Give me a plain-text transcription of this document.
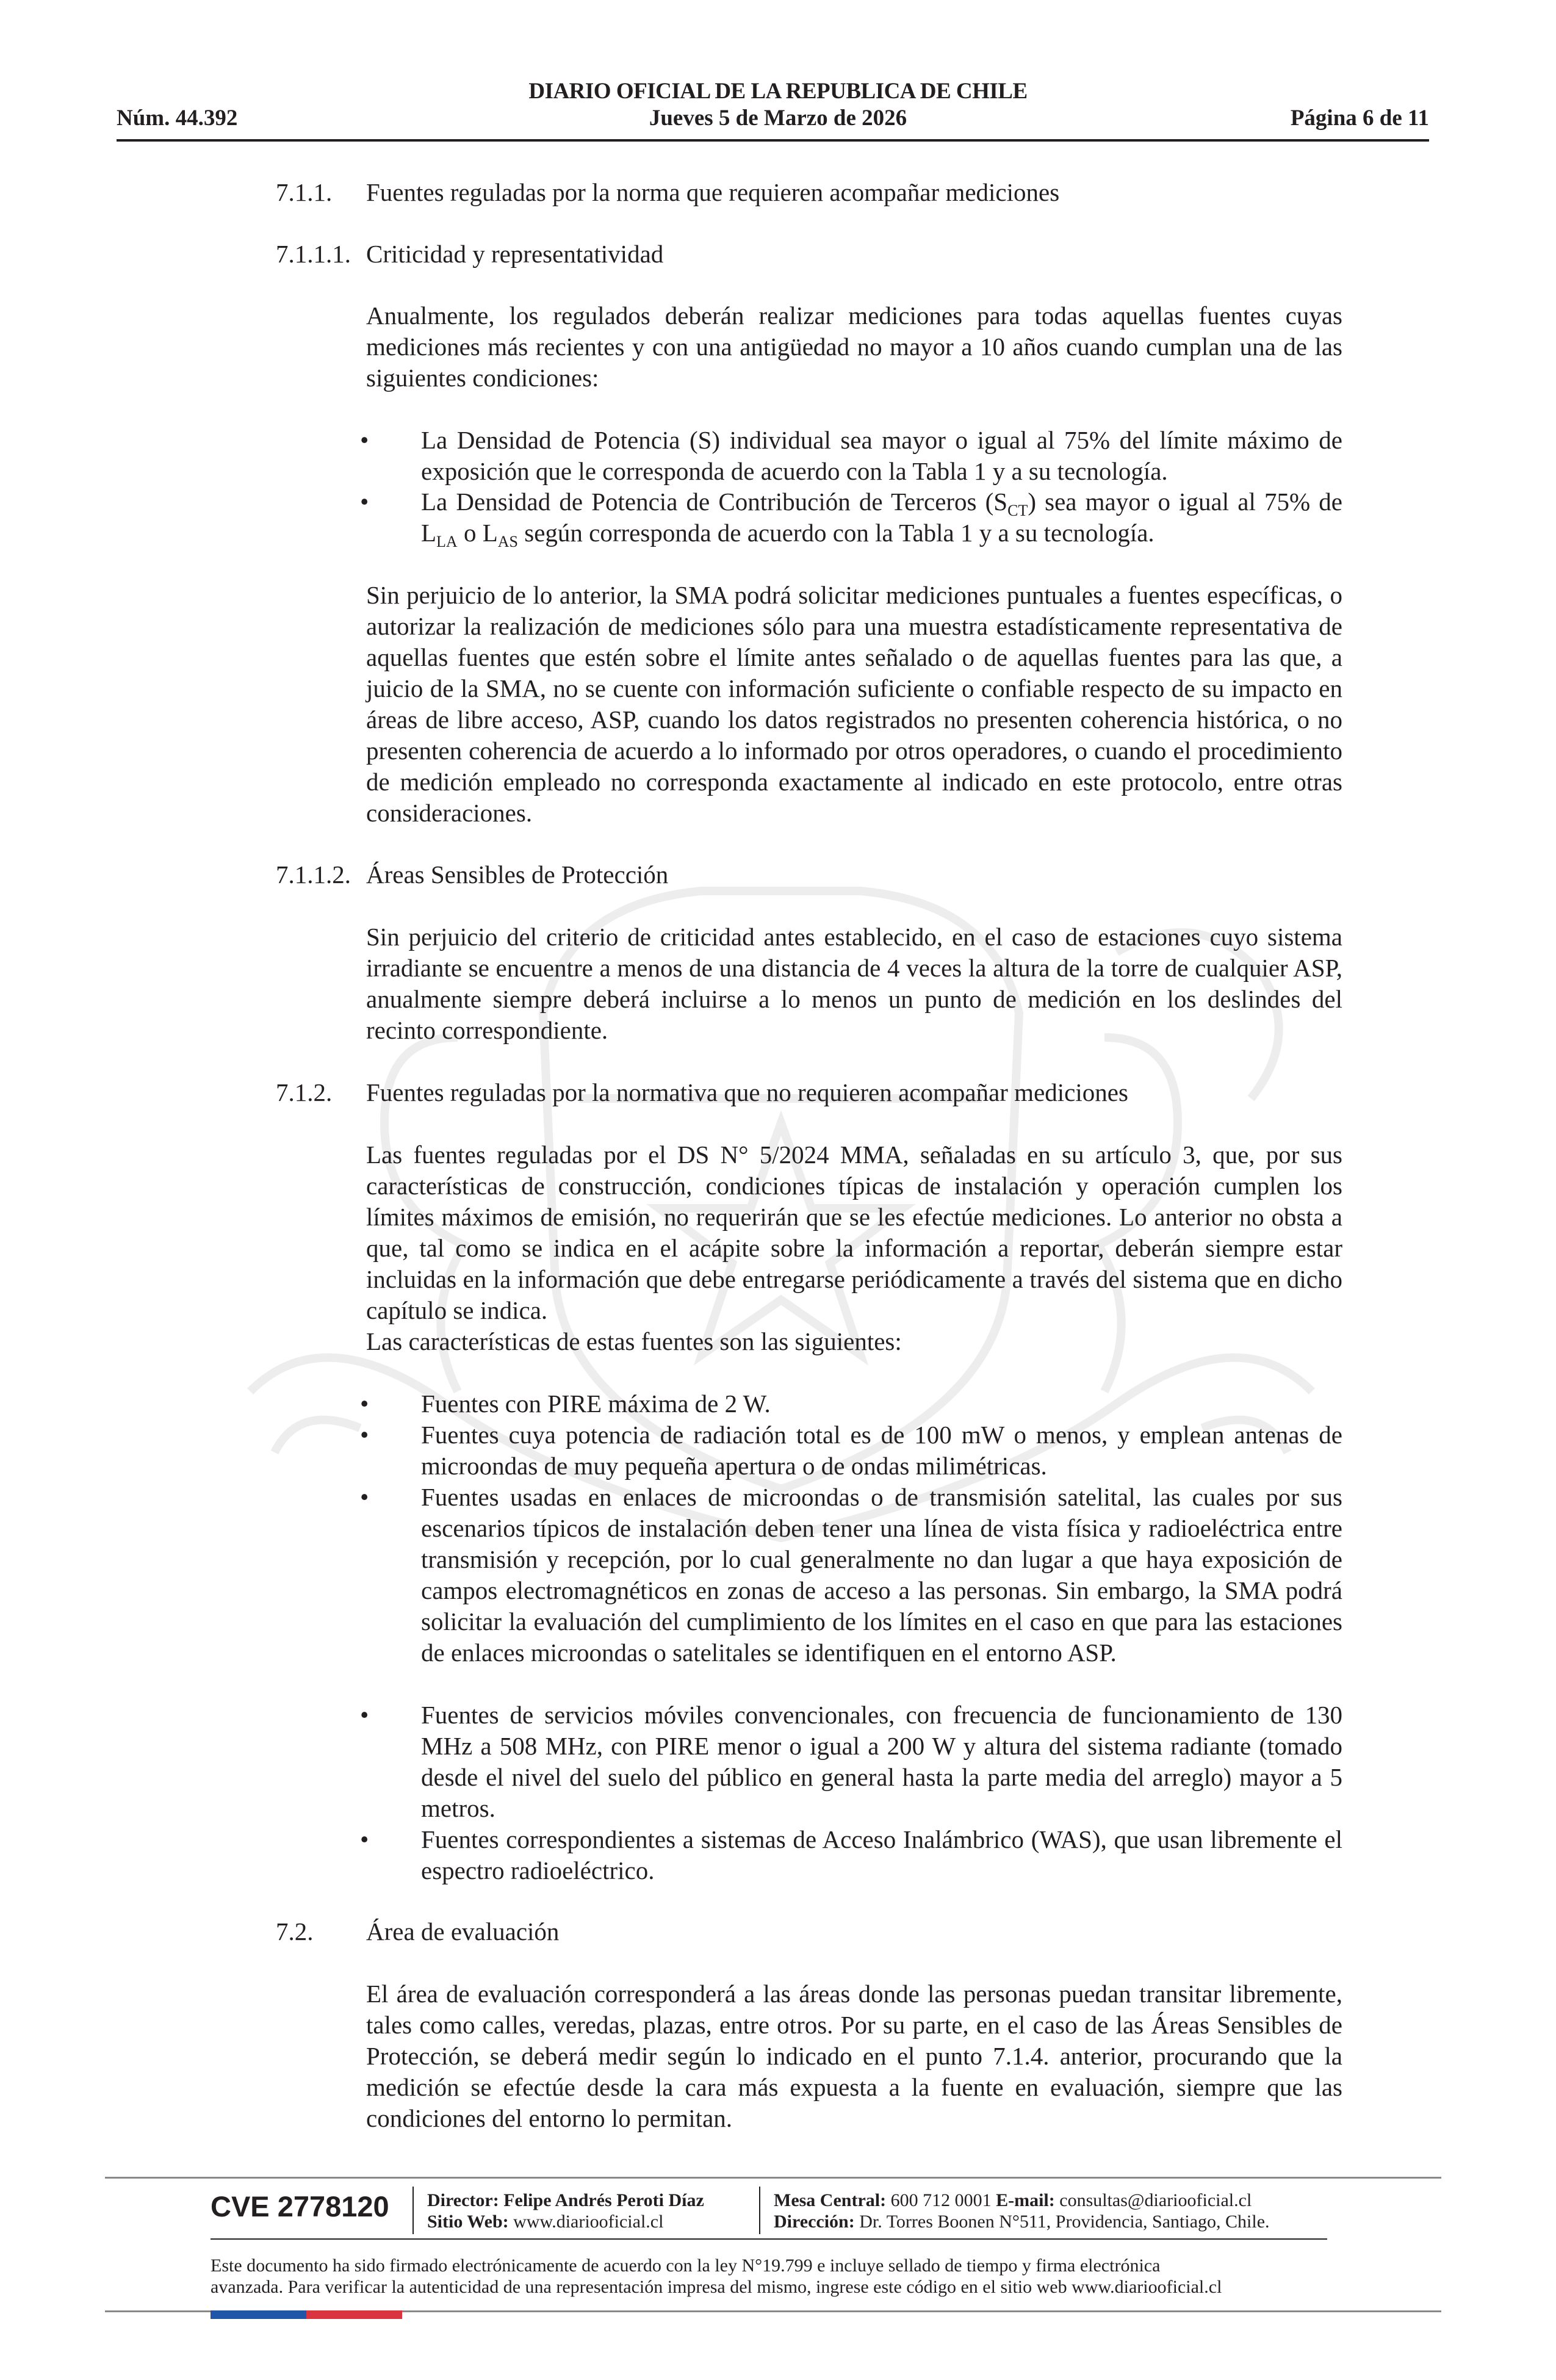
DIARIO OFICIAL DE LA REPUBLICA DE CHILE
Jueves 5 de Marzo de 2026
Núm. 44.392	Página 6 de 11
7.1.1. Fuentes reguladas por la norma que requieren acompañar mediciones
7.1.1.1. Criticidad y representatividad
Anualmente, los regulados deberán realizar mediciones para todas aquellas fuentes cuyas mediciones más recientes y con una antigüedad no mayor a 10 años cuando cumplan una de las siguientes condiciones:
• La Densidad de Potencia (S) individual sea mayor o igual al 75% del límite máximo de exposición que le corresponda de acuerdo con la Tabla 1 y a su tecnología.
• La Densidad de Potencia de Contribución de Terceros $(S_{CT})$ sea mayor o igual al 75% de $L_{LA}$ o $L_{AS}$ según corresponda de acuerdo con la Tabla 1 y a su tecnología.
Sin perjuicio de lo anterior, la SMA podrá solicitar mediciones puntuales a fuentes específicas, o autorizar la realización de mediciones sólo para una muestra estadísticamente representativa de aquellas fuentes que estén sobre el límite antes señalado o de aquellas fuentes para las que, a juicio de la SMA, no se cuente con información suficiente o confiable respecto de su impacto en áreas de libre acceso, ASP, cuando los datos registrados no presenten coherencia histórica, o no presenten coherencia de acuerdo a lo informado por otros operadores, o cuando el procedimiento de medición empleado no corresponda exactamente al indicado en este protocolo, entre otras consideraciones.
7.1.1.2. Áreas Sensibles de Protección
Sin perjuicio del criterio de criticidad antes establecido, en el caso de estaciones cuyo sistema irradiante se encuentre a menos de una distancia de 4 veces la altura de la torre de cualquier ASP, anualmente siempre deberá incluirse a lo menos un punto de medición en los deslindes del recinto correspondiente.
7.1.2. Fuentes reguladas por la normativa que no requieren acompañar mediciones
Las fuentes reguladas por el DS N° 5/2024 MMA, señaladas en su artículo 3, que, por sus características de construcción, condiciones típicas de instalación y operación cumplen los límites máximos de emisión, no requerirán que se les efectúe mediciones. Lo anterior no obsta a que, tal como se indica en el acápite sobre la información a reportar, deberán siempre estar incluidas en la información que debe entregarse periódicamente a través del sistema que en dicho capítulo se indica.
Las características de estas fuentes son las siguientes:
• Fuentes con PIRE máxima de 2 W.
• Fuentes cuya potencia de radiación total es de 100 mW o menos, y emplean antenas de microondas de muy pequeña apertura o de ondas milimétricas.
• Fuentes usadas en enlaces de microondas o de transmisión satelital, las cuales por sus escenarios típicos de instalación deben tener una línea de vista física y radioeléctrica entre transmisión y recepción, por lo cual generalmente no dan lugar a que haya exposición de campos electromagnéticos en zonas de acceso a las personas. Sin embargo, la SMA podrá solicitar la evaluación del cumplimiento de los límites en el caso en que para las estaciones de enlaces microondas o satelitales se identifiquen en el entorno ASP.
• Fuentes de servicios móviles convencionales, con frecuencia de funcionamiento de 130 MHz a 508 MHz, con PIRE menor o igual a 200 W y altura del sistema radiante (tomado desde el nivel del suelo del público en general hasta la parte media del arreglo) mayor a 5 metros.
• Fuentes correspondientes a sistemas de Acceso Inalámbrico (WAS), que usan libremente el espectro radioeléctrico.
7.2. Área de evaluación
El área de evaluación corresponderá a las áreas donde las personas puedan transitar libremente, tales como calles, veredas, plazas, entre otros. Por su parte, en el caso de las Áreas Sensibles de Protección, se deberá medir según lo indicado en el punto 7.1.4. anterior, procurando que la medición se efectúe desde la cara más expuesta a la fuente en evaluación, siempre que las condiciones del entorno lo permitan.
CVE 2778120 Director: Felipe Andrés Peroti Díaz
Sitio Web: www.diariooficial.cl
Mesa Central: 600 712 0001 E-mail: consultas@diariooficial.cl
Dirección: Dr. Torres Boonen N°511, Providencia, Santiago, Chile.
Este documento ha sido firmado electrónicamente de acuerdo con la ley N°19.799 e incluye sellado de tiempo y firma electrónica
avanzada. Para verificar la autenticidad de una representación impresa del mismo, ingrese este código en el sitio web www.diariooficial.cl
